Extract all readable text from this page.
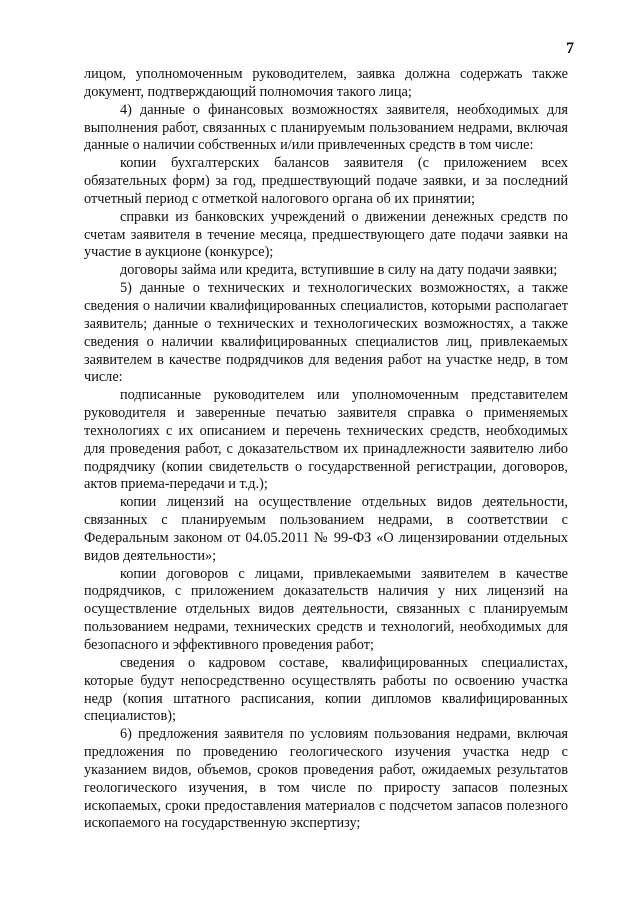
7

лицом, уполномоченным руководителем, заявка должна содержать также документ, подтверждающий полномочия такого лица;

4) данные о финансовых возможностях заявителя, необходимых для выполнения работ, связанных с планируемым пользованием недрами, включая данные о наличии собственных и/или привлеченных средств в том числе:

копии бухгалтерских балансов заявителя (с приложением всех обязательных форм) за год, предшествующий подаче заявки, и за последний отчетный период с отметкой налогового органа об их принятии;

справки из банковских учреждений о движении денежных средств по счетам заявителя в течение месяца, предшествующего дате подачи заявки на участие в аукционе (конкурсе);

договоры займа или кредита, вступившие в силу на дату подачи заявки;

5) данные о технических и технологических возможностях, а также сведения о наличии квалифицированных специалистов, которыми располагает заявитель; данные о технических и технологических возможностях, а также сведения о наличии квалифицированных специалистов лиц, привлекаемых заявителем в качестве подрядчиков для ведения работ на участке недр, в том числе:

подписанные руководителем или уполномоченным представителем руководителя и заверенные печатью заявителя справка о применяемых технологиях с их описанием и перечень технических средств, необходимых для проведения работ, с доказательством их принадлежности заявителю либо подрядчику (копии свидетельств о государственной регистрации, договоров, актов приема-передачи и т.д.);

копии лицензий на осуществление отдельных видов деятельности, связанных с планируемым пользованием недрами, в соответствии с Федеральным законом от 04.05.2011 № 99-ФЗ «О лицензировании отдельных видов деятельности»;

копии договоров с лицами, привлекаемыми заявителем в качестве подрядчиков, с приложением доказательств наличия у них лицензий на осуществление отдельных видов деятельности, связанных с планируемым пользованием недрами, технических средств и технологий, необходимых для безопасного и эффективного проведения работ;

сведения о кадровом составе, квалифицированных специалистах, которые будут непосредственно осуществлять работы по освоению участка недр (копия штатного расписания, копии дипломов квалифицированных специалистов);

6) предложения заявителя по условиям пользования недрами, включая предложения по проведению геологического изучения участка недр с указанием видов, объемов, сроков проведения работ, ожидаемых результатов геологического изучения, в том числе по приросту запасов полезных ископаемых, сроки предоставления материалов с подсчетом запасов полезного ископаемого на государственную экспертизу;
